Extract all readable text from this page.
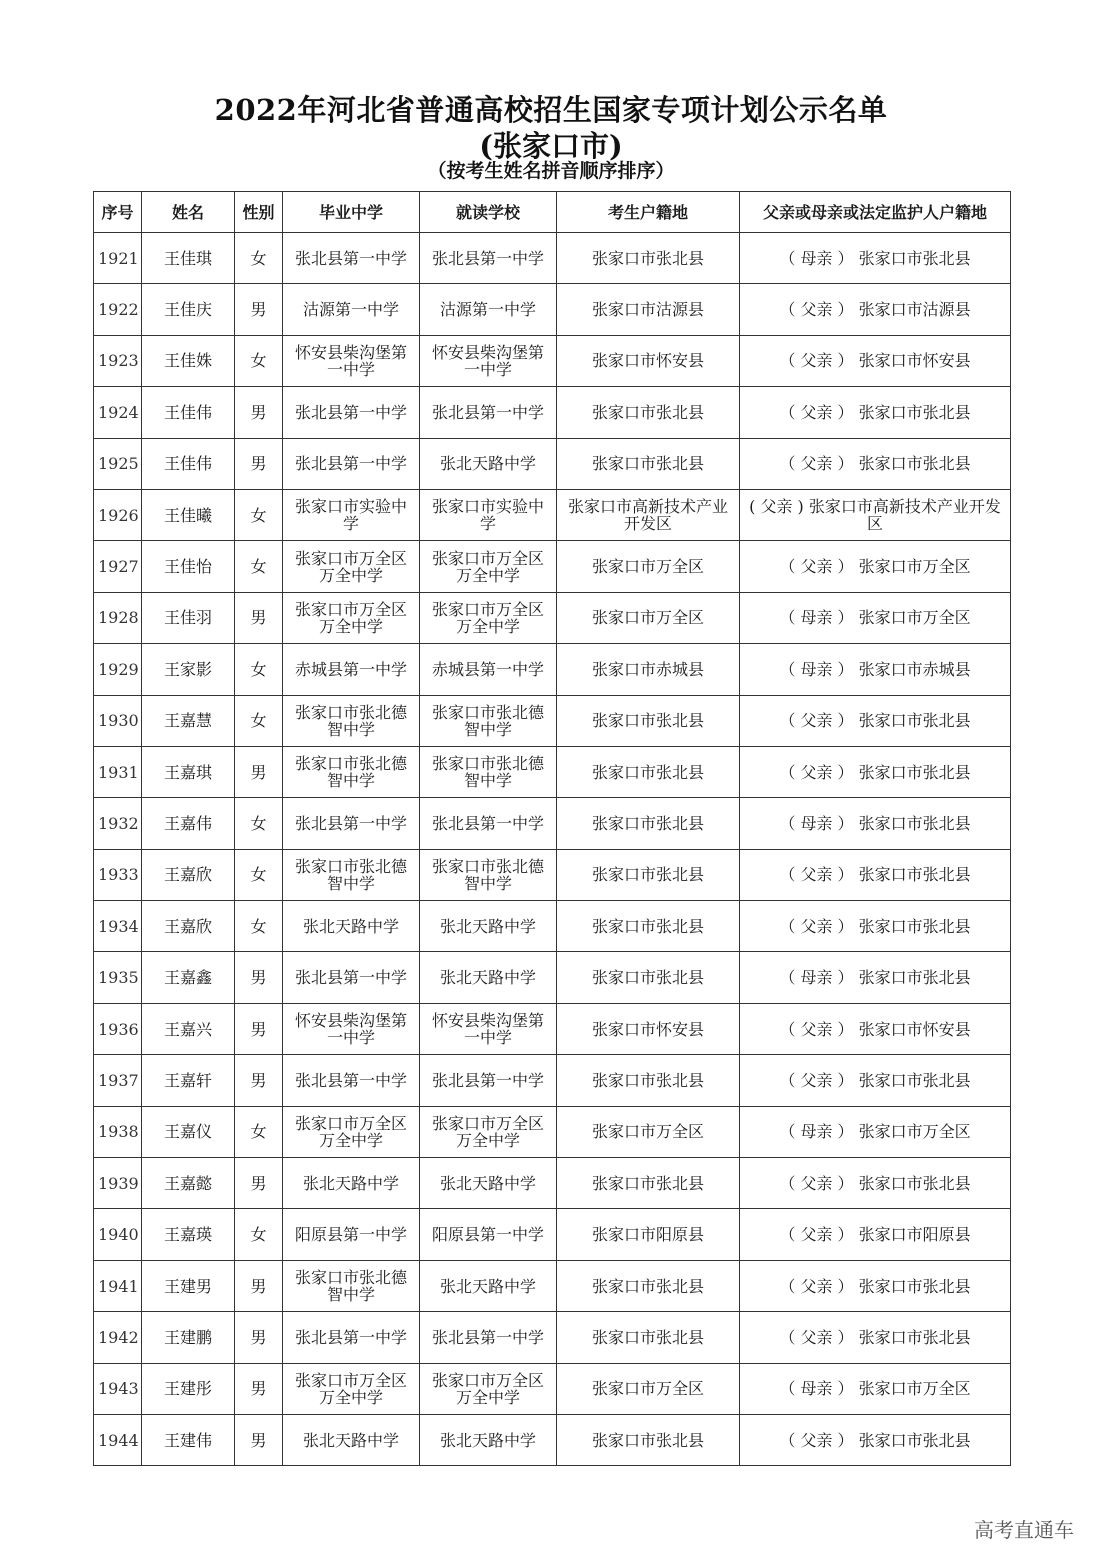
2022年河北省普通高校招生国家专项计划公示名单
(张家口市)
（按考生姓名拼音顺序排序）
序号	姓名	性别	毕业中学	就读学校	考生户籍地	父亲或母亲或法定监护人户籍地
1921	王佳琪	女	张北县第一中学	张北县第一中学	张家口市张北县	（ 母亲 ） 张家口市张北县
1922	王佳庆	男	沽源第一中学	沽源第一中学	张家口市沽源县	（ 父亲 ） 张家口市沽源县
1923	王佳姝	女	怀安县柴沟堡第一中学	怀安县柴沟堡第一中学	张家口市怀安县	（ 父亲 ） 张家口市怀安县
1924	王佳伟	男	张北县第一中学	张北县第一中学	张家口市张北县	（ 父亲 ） 张家口市张北县
1925	王佳伟	男	张北县第一中学	张北天路中学	张家口市张北县	（ 父亲 ） 张家口市张北县
1926	王佳曦	女	张家口市实验中学	张家口市实验中学	张家口市高新技术产业开发区	( 父亲 ) 张家口市高新技术产业开发区
1927	王佳怡	女	张家口市万全区万全中学	张家口市万全区万全中学	张家口市万全区	（ 父亲 ） 张家口市万全区
1928	王佳羽	男	张家口市万全区万全中学	张家口市万全区万全中学	张家口市万全区	（ 母亲 ） 张家口市万全区
1929	王家影	女	赤城县第一中学	赤城县第一中学	张家口市赤城县	（ 母亲 ） 张家口市赤城县
1930	王嘉慧	女	张家口市张北德智中学	张家口市张北德智中学	张家口市张北县	（ 父亲 ） 张家口市张北县
1931	王嘉琪	男	张家口市张北德智中学	张家口市张北德智中学	张家口市张北县	（ 父亲 ） 张家口市张北县
1932	王嘉伟	女	张北县第一中学	张北县第一中学	张家口市张北县	（ 母亲 ） 张家口市张北县
1933	王嘉欣	女	张家口市张北德智中学	张家口市张北德智中学	张家口市张北县	（ 父亲 ） 张家口市张北县
1934	王嘉欣	女	张北天路中学	张北天路中学	张家口市张北县	（ 父亲 ） 张家口市张北县
1935	王嘉鑫	男	张北县第一中学	张北天路中学	张家口市张北县	（ 母亲 ） 张家口市张北县
1936	王嘉兴	男	怀安县柴沟堡第一中学	怀安县柴沟堡第一中学	张家口市怀安县	（ 父亲 ） 张家口市怀安县
1937	王嘉轩	男	张北县第一中学	张北县第一中学	张家口市张北县	（ 父亲 ） 张家口市张北县
1938	王嘉仪	女	张家口市万全区万全中学	张家口市万全区万全中学	张家口市万全区	（ 母亲 ） 张家口市万全区
1939	王嘉懿	男	张北天路中学	张北天路中学	张家口市张北县	（ 父亲 ） 张家口市张北县
1940	王嘉瑛	女	阳原县第一中学	阳原县第一中学	张家口市阳原县	（ 父亲 ） 张家口市阳原县
1941	王建男	男	张家口市张北德智中学	张北天路中学	张家口市张北县	（ 父亲 ） 张家口市张北县
1942	王建鹏	男	张北县第一中学	张北县第一中学	张家口市张北县	（ 父亲 ） 张家口市张北县
1943	王建彤	男	张家口市万全区万全中学	张家口市万全区万全中学	张家口市万全区	（ 母亲 ） 张家口市万全区
1944	王建伟	男	张北天路中学	张北天路中学	张家口市张北县	（ 父亲 ） 张家口市张北县
高考直通车
